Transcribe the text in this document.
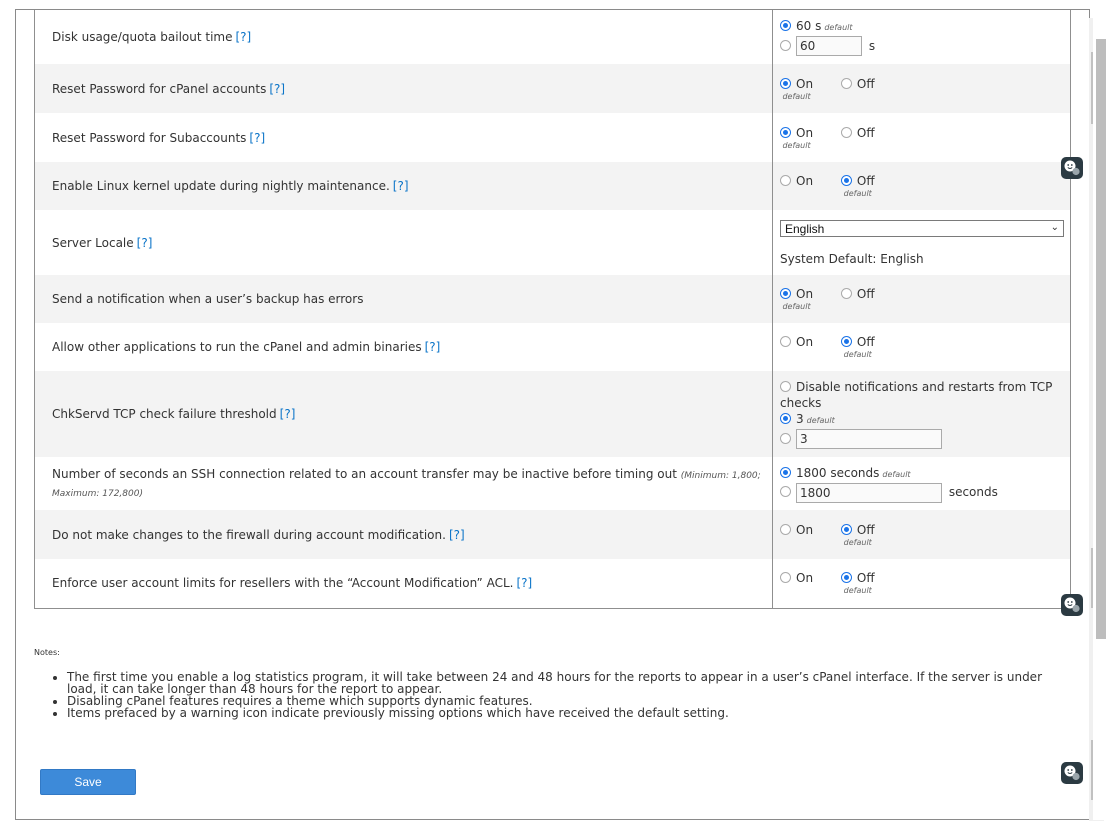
Disk usage/quota bailout time [?]	60 s default
60 s

Reset Password for cPanel accounts [?]	On
default
Off
Reset Password for Subaccounts [?]	On
default
Off
Enable Linux kernel update during nightly maintenance. [?]	On Off
default

Server Locale [?]	English ⌄
System Default: English

Send a notification when a user’s backup has errors	On
default
Off
Allow other applications to run the cPanel and admin binaries [?]	On Off
default

ChkServd TCP check failure threshold [?]	Disable notifications and restarts from TCP checks
3 default
3

Number of seconds an SSH connection related to an account transfer may be inactive before timing out (Minimum: 1,800; Maximum: 172,800)	1800 seconds default
1800 seconds

Do not make changes to the firewall during account modification. [?]	On Off
default

Enforce user account limits for resellers with the “Account Modification” ACL. [?]	On Off
default
Notes:
• The first time you enable a log statistics program, it will take between 24 and 48 hours for the reports to appear in a user’s cPanel interface. If the server is under load, it can take longer than 48 hours for the report to appear.
• Disabling cPanel features requires a theme which supports dynamic features.
• Items prefaced by a warning icon indicate previously missing options which have received the default setting.
Save
